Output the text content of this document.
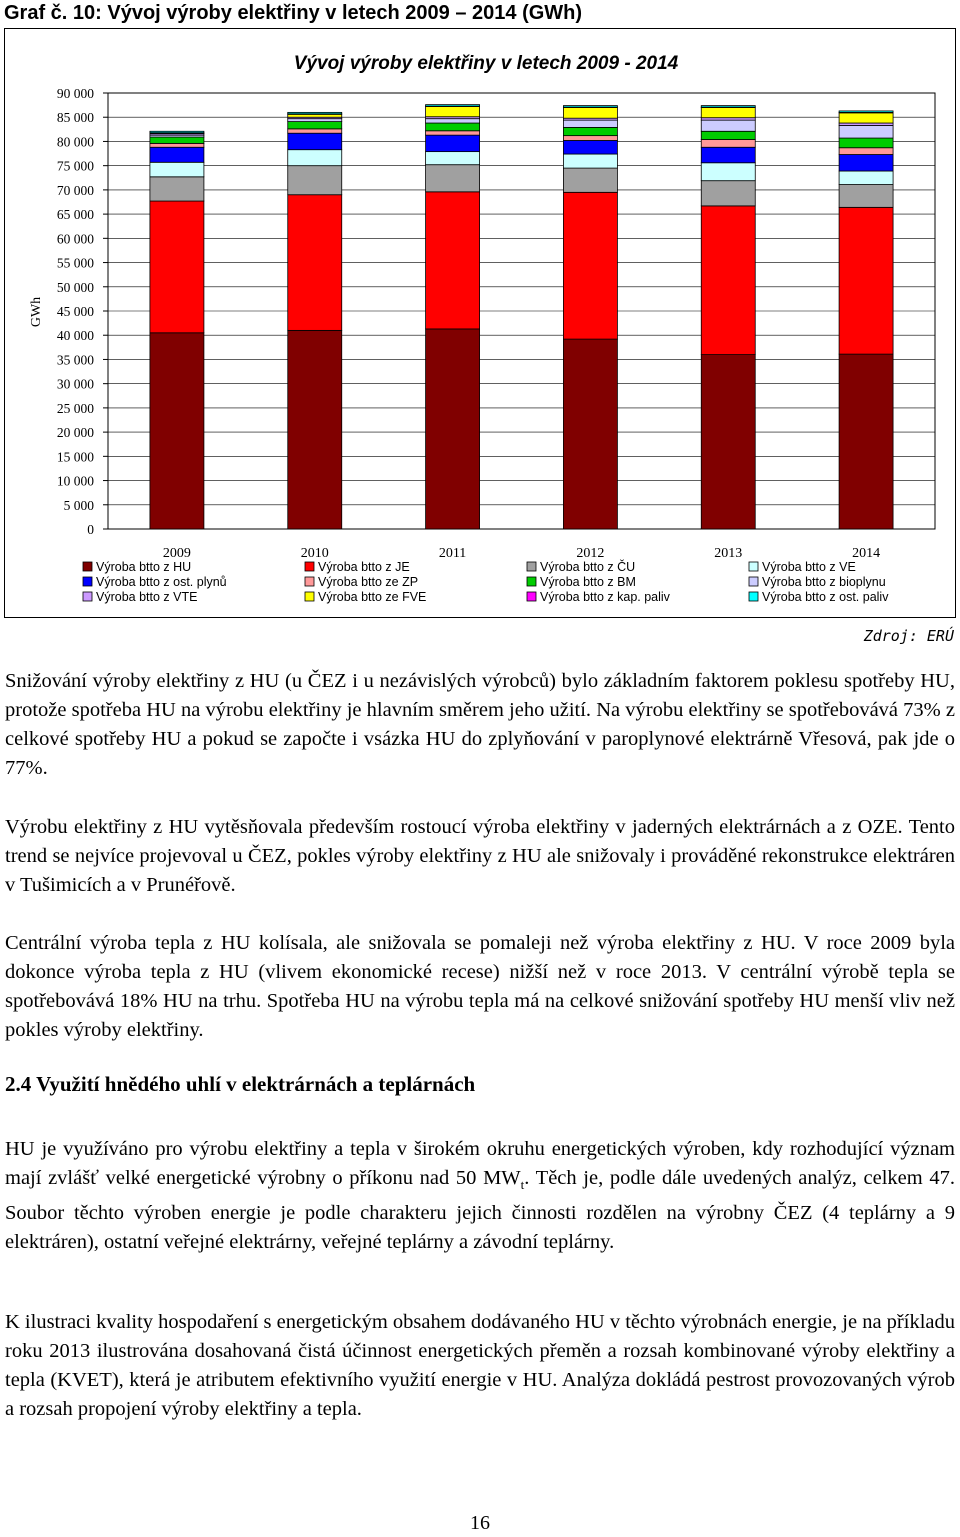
Graf č. 10: Vývoj výroby elektřiny v letech 2009 – 2014 (GWh)
Vývoj výroby elektřiny v letech 2009 - 2014
GWh
0
5 000
10 000
15 000
20 000
25 000
30 000
35 000
40 000
45 000
50 000
55 000
60 000
65 000
70 000
75 000
80 000
85 000
90 000
2009	2010	2011	2012	2013	2014
Výroba btto z HU	Výroba btto z JE	Výroba btto z ČU	Výroba btto z VE
Výroba btto z ost. plynů	Výroba btto ze ZP	Výroba btto z BM	Výroba btto z bioplynu
Výroba btto z VTE	Výroba btto ze FVE	Výroba btto z kap. paliv	Výroba btto z ost. paliv
Zdroj: ERÚ

Snižování výroby elektřiny z HU (u ČEZ i u nezávislých výrobců) bylo základním faktorem poklesu spotřeby HU, protože spotřeba HU na výrobu elektřiny je hlavním směrem jeho užití. Na výrobu elektřiny se spotřebovává 73% z celkové spotřeby HU a pokud se započte i vsázka HU do zplyňování v paroplynové elektrárně Vřesová, pak jde o 77%.

Výrobu elektřiny z HU vytěsňovala především rostoucí výroba elektřiny v jaderných elektrárnách a z OZE. Tento trend se nejvíce projevoval u ČEZ, pokles výroby elektřiny z HU ale snižovaly i prováděné rekonstrukce elektráren v Tušimicích a v Prunéřově.

Centrální výroba tepla z HU kolísala, ale snižovala se pomaleji než výroba elektřiny z HU. V roce 2009 byla dokonce výroba tepla z HU (vlivem ekonomické recese) nižší než v roce 2013. V centrální výrobě tepla se spotřebovává 18% HU na trhu. Spotřeba HU na výrobu tepla má na celkové snižování spotřeby HU menší vliv než pokles výroby elektřiny.

2.4 Využití hnědého uhlí v elektrárnách a teplárnách

HU je využíváno pro výrobu elektřiny a tepla v širokém okruhu energetických výroben, kdy rozhodující význam mají zvlášť velké energetické výrobny o příkonu nad 50 $MW_t$. Těch je, podle dále uvedených analýz, celkem 47. Soubor těchto výroben energie je podle charakteru jejich činnosti rozdělen na výrobny ČEZ (4 teplárny a 9 elektráren), ostatní veřejné elektrárny, veřejné teplárny a závodní teplárny.

K ilustraci kvality hospodaření s energetickým obsahem dodávaného HU v těchto výrobnách energie, je na příkladu roku 2013 ilustrována dosahovaná čistá účinnost energetických přeměn a rozsah kombinované výroby elektřiny a tepla (KVET), která je atributem efektivního využití energie v HU. Analýza dokládá pestrost provozovaných výrob a rozsah propojení výroby elektřiny a tepla.

16
